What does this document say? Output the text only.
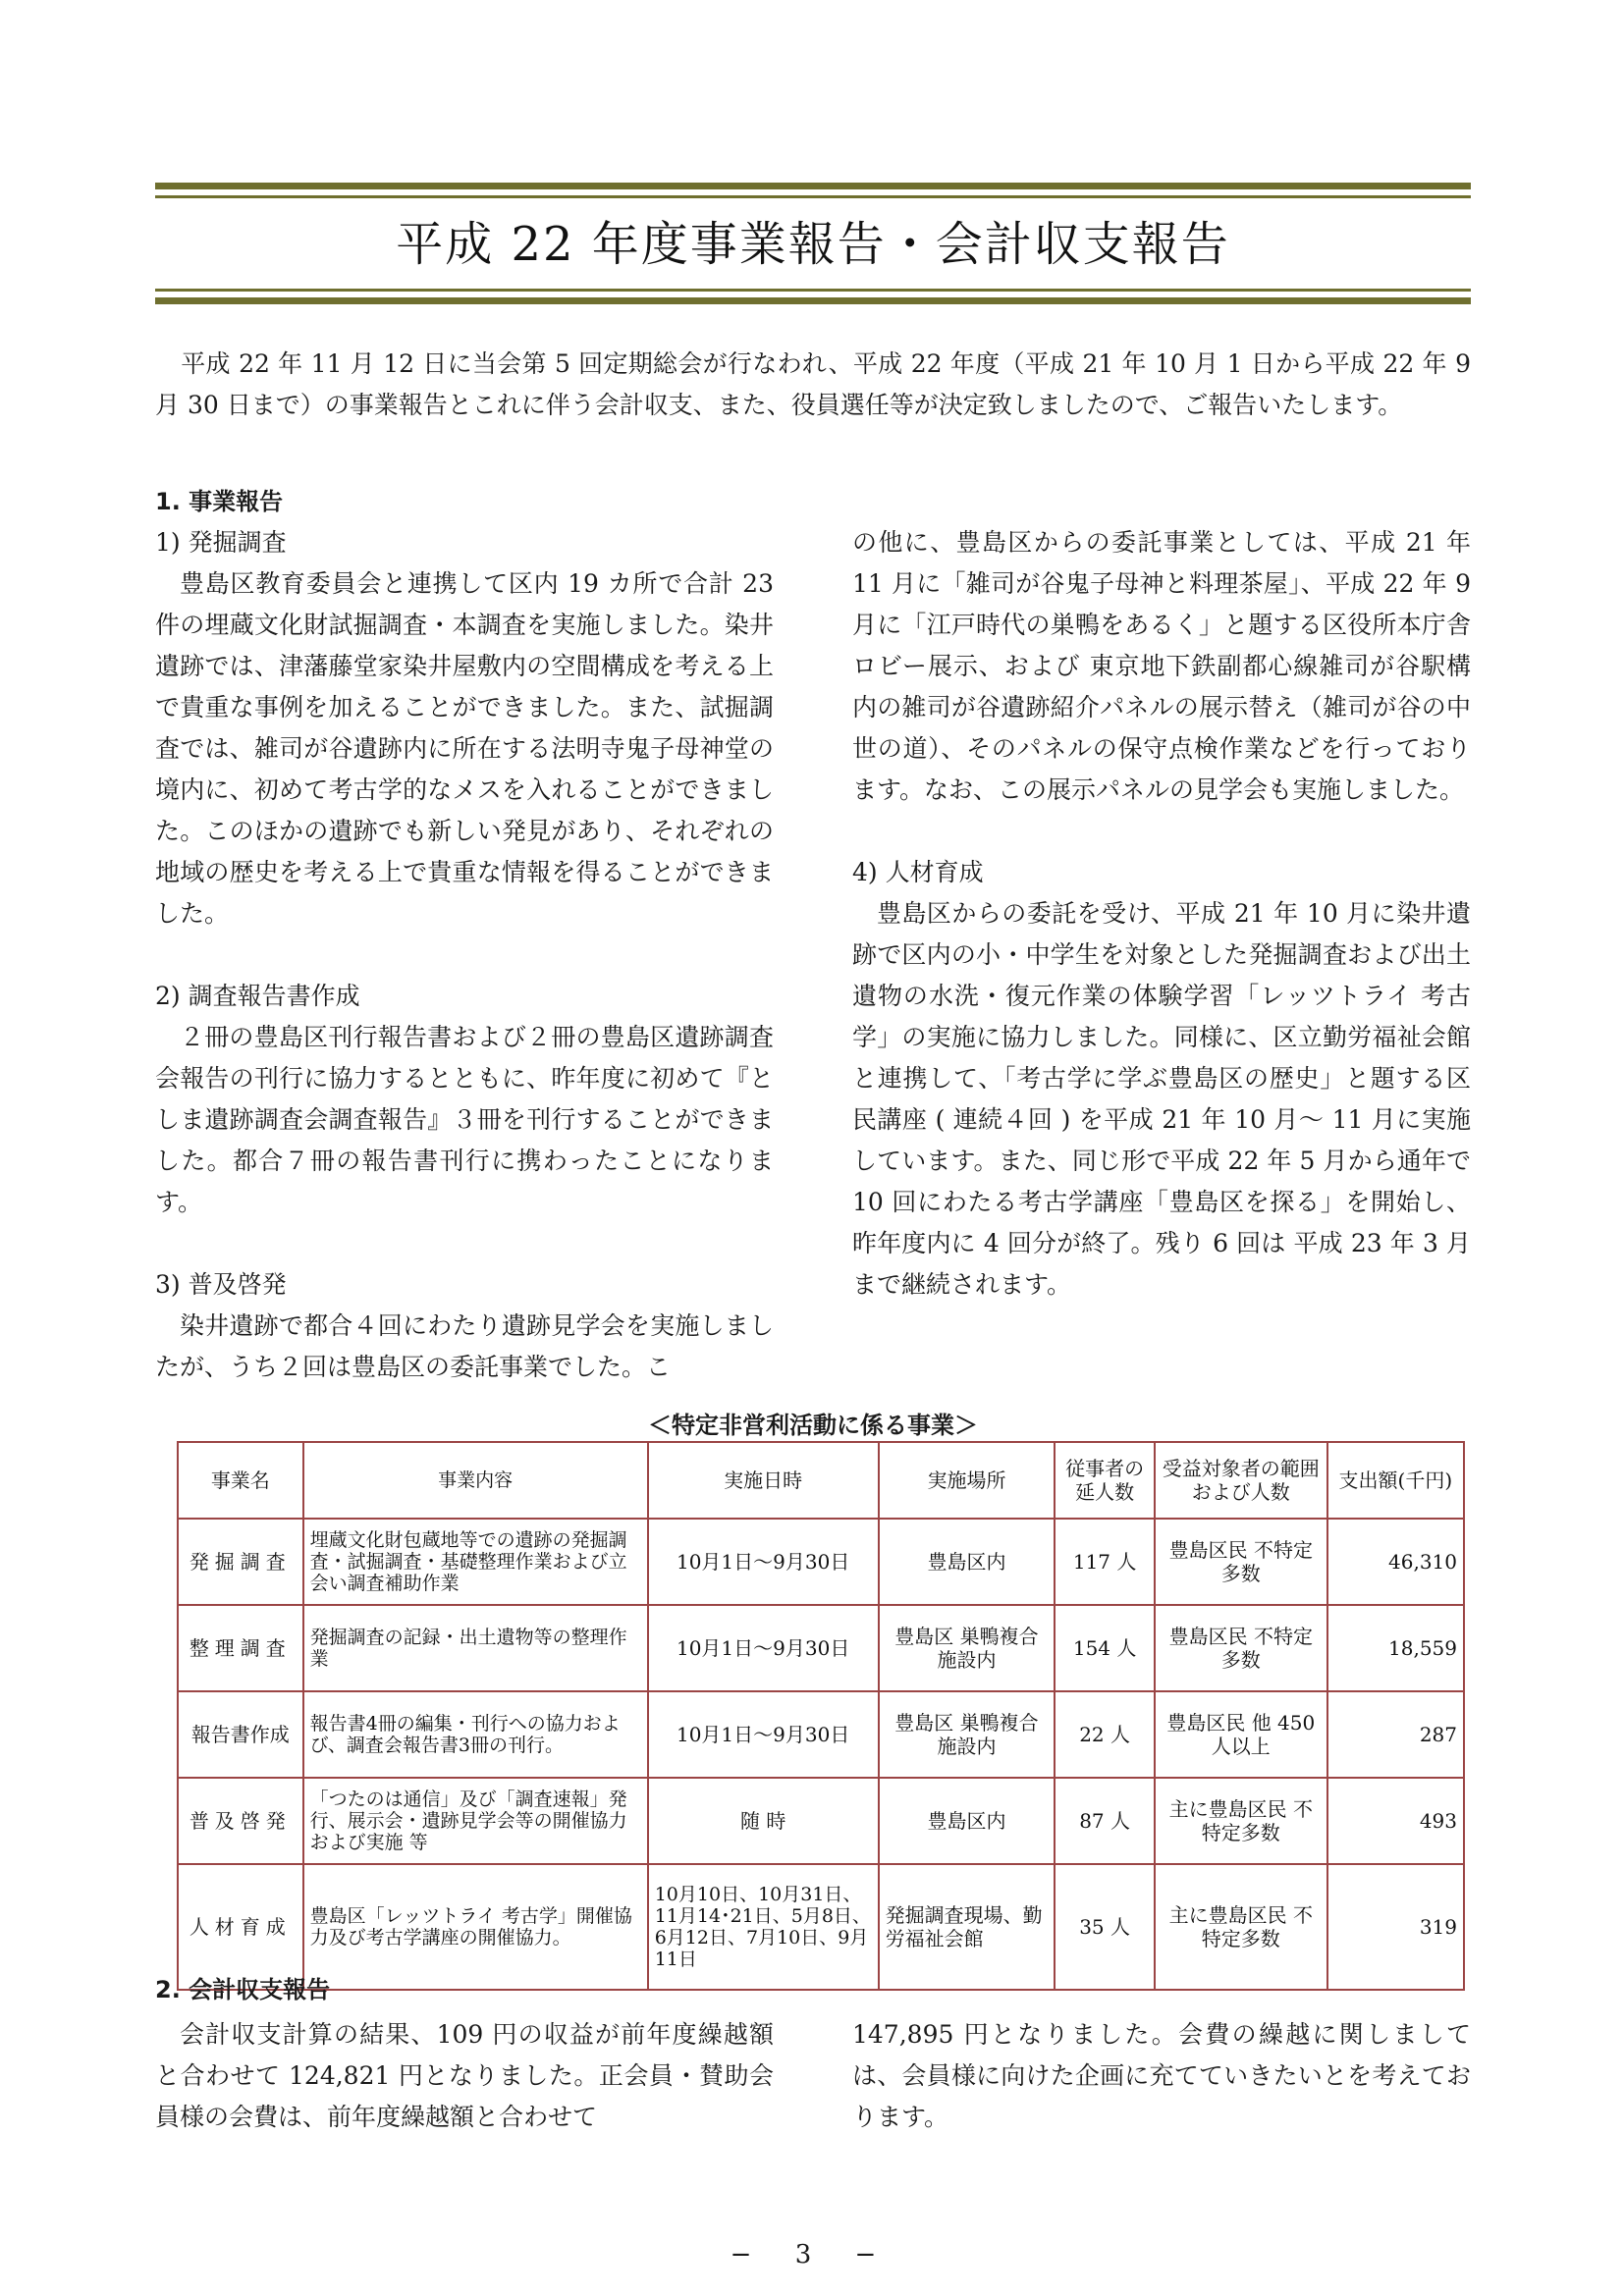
平成 22 年度事業報告・会計収支報告

平成 22 年 11 月 12 日に当会第 5 回定期総会が行なわれ、平成 22 年度（平成 21 年 10 月 1 日から平成 22 年 9 月 30 日まで）の事業報告とこれに伴う会計収支、また、役員選任等が決定致しましたので、ご報告いたします。

1. 事業報告

1) 発掘調査

豊島区教育委員会と連携して区内 19 カ所で合計 23 件の埋蔵文化財試掘調査・本調査を実施しました。染井遺跡では、津藩藤堂家染井屋敷内の空間構成を考える上で貴重な事例を加えることができました。また、試掘調査では、雑司が谷遺跡内に所在する法明寺鬼子母神堂の境内に、初めて考古学的なメスを入れることができました。このほかの遺跡でも新しい発見があり、それぞれの地域の歴史を考える上で貴重な情報を得ることができました。

2) 調査報告書作成

２冊の豊島区刊行報告書および２冊の豊島区遺跡調査会報告の刊行に協力するとともに、昨年度に初めて『としま遺跡調査会調査報告』３冊を刊行することができました。都合７冊の報告書刊行に携わったことになります。

3) 普及啓発

染井遺跡で都合４回にわたり遺跡見学会を実施しましたが、うち２回は豊島区の委託事業でした。こ

の他に、豊島区からの委託事業としては、平成 21 年 11 月に「雑司が谷鬼子母神と料理茶屋」、平成 22 年 9 月に「江戸時代の巣鴨をあるく」と題する区役所本庁舎ロビー展示、および 東京地下鉄副都心線雑司が谷駅構内の雑司が谷遺跡紹介パネルの展示替え（雑司が谷の中世の道）、そのパネルの保守点検作業などを行っております。なお、この展示パネルの見学会も実施しました。

4) 人材育成

豊島区からの委託を受け、平成 21 年 10 月に染井遺跡で区内の小・中学生を対象とした発掘調査および出土遺物の水洗・復元作業の体験学習「レッツトライ 考古学」の実施に協力しました。同様に、区立勤労福祉会館と連携して、「考古学に学ぶ豊島区の歴史」と題する区民講座 ( 連続４回 ) を平成 21 年 10 月～ 11 月に実施しています。また、同じ形で平成 22 年 5 月から通年で 10 回にわたる考古学講座「豊島区を探る」を開始し、昨年度内に 4 回分が終了。残り 6 回は 平成 23 年 3 月まで継続されます。

＜特定非営利活動に係る事業＞
事業名	事業内容	実施日時	実施場所	従事者の延人数	受益対象者の範囲および人数	支出額(千円)
発掘調査	埋蔵文化財包蔵地等での遺跡の発掘調査・試掘調査・基礎整理作業および立会い調査補助作業	10月1日～9月30日	豊島区内	117 人	豊島区民 不特定多数	46,310
整理調査	発掘調査の記録・出土遺物等の整理作業	10月1日～9月30日	豊島区 巣鴨複合施設内	154 人	豊島区民 不特定多数	18,559
報告書作成	報告書4冊の編集・刊行への協力および、調査会報告書3冊の刊行。	10月1日～9月30日	豊島区 巣鴨複合施設内	22 人	豊島区民 他 450人以上	287
普及啓発	「つたのは通信」及び「調査速報」発行、展示会・遺跡見学会等の開催協力および実施 等	随 時	豊島区内	87 人	主に豊島区民 不特定多数	493
人材育成	豊島区「レッツトライ 考古学」開催協力及び考古学講座の開催協力。	10月10日、10月31日、11月14･21日、5月8日、6月12日、7月10日、9月11日	発掘調査現場、勤労福祉会館	35 人	主に豊島区民 不特定多数	319

2. 会計収支報告

会計収支計算の結果、109 円の収益が前年度繰越額と合わせて 124,821 円となりました。正会員・賛助会員様の会費は、前年度繰越額と合わせて

147,895 円となりました。会費の繰越に関しましては、会員様に向けた企画に充てていきたいとを考えております。

− 3 −
